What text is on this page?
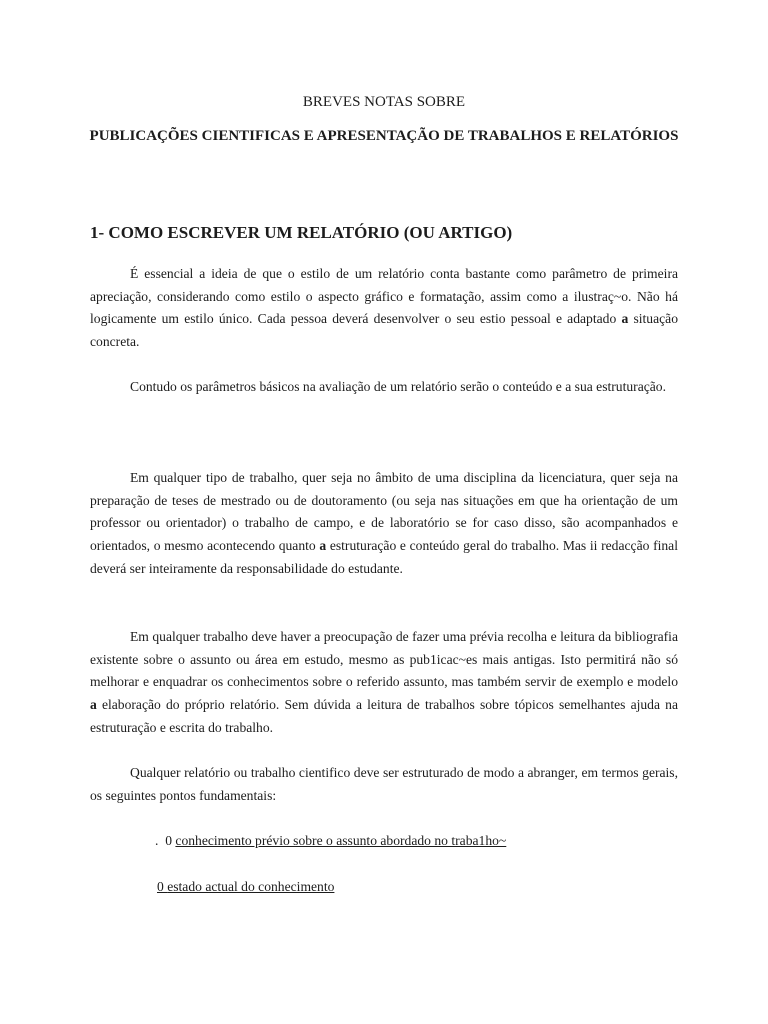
BREVES NOTAS SOBRE
PUBLICAÇÕES CIENTIFICAS E APRESENTAÇÃO DE TRABALHOS E RELATÓRIOS
1- COMO ESCREVER UM RELATÓRIO (OU ARTIGO)

É essencial a ideia de que o estilo de um relatório conta bastante como parâmetro de primeira apreciação, considerando como estilo o aspecto gráfico e formatação, assim como a ilustraç~o. Não há logicamente um estilo único. Cada pessoa deverá desenvolver o seu estio pessoal e adaptado a situação concreta.

Contudo os parâmetros básicos na avaliação de um relatório serão o conteúdo e a sua estruturação.

Em qualquer tipo de trabalho, quer seja no âmbito de uma disciplina da licenciatura, quer seja na preparação de teses de mestrado ou de doutoramento (ou seja nas situações em que ha orientação de um professor ou orientador) o trabalho de campo, e de laboratório se for caso disso, são acompanhados e orientados, o mesmo acontecendo quanto a estruturação e conteúdo geral do trabalho. Mas ii redacção final deverá ser inteiramente da responsabilidade do estudante.

Em qualquer trabalho deve haver a preocupação de fazer uma prévia recolha e leitura da bibliografia existente sobre o assunto ou área em estudo, mesmo as pub1icac~es mais antigas. Isto permitirá não só melhorar e enquadrar os conhecimentos sobre o referido assunto, mas também servir de exemplo e modelo a elaboração do próprio relatório. Sem dúvida a leitura de trabalhos sobre tópicos semelhantes ajuda na estruturação e escrita do trabalho.

Qualquer relatório ou trabalho cientifico deve ser estruturado de modo a abranger, em termos gerais, os seguintes pontos fundamentais:

. 0 conhecimento prévio sobre o assunto abordado no traba1ho~
0 estado actual do conhecimento
